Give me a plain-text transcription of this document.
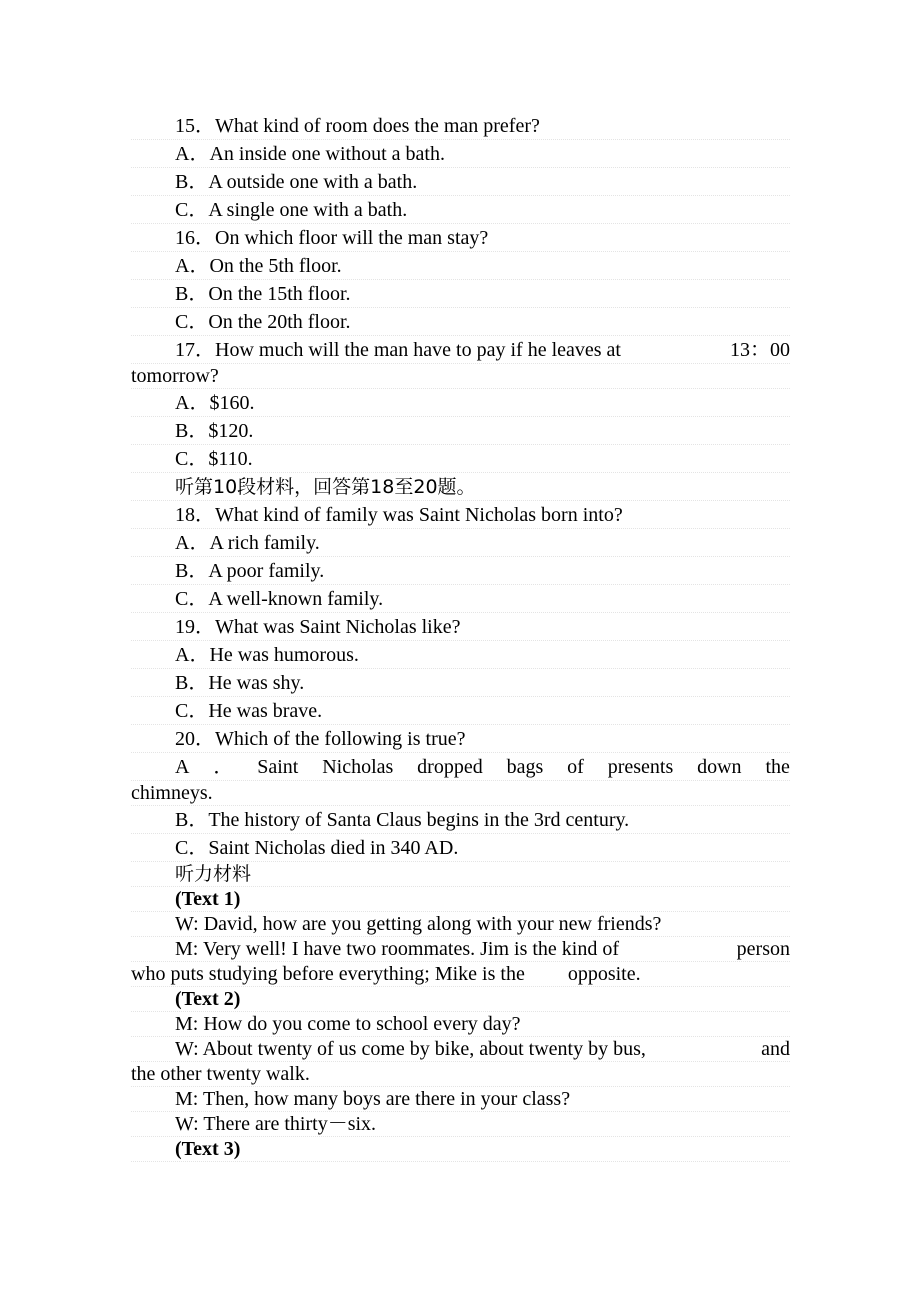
15．What kind of room does the man prefer?
A．An inside one without a bath.
B．A outside one with a bath.
C．A single one with a bath.
16．On which floor will the man stay?
A．On the 5th floor.
B．On the 15th floor.
C．On the 20th floor.
17．How much will the man have to pay if he leaves at	13：00
tomorrow?
A．$160.
B．$120.
C．$110.
听第10段材料，回答第18至20题。
18．What kind of family was Saint Nicholas born into?
A．A rich family.
B．A poor family.
C．A well-known family.
19．What was Saint Nicholas like?
A．He was humorous.
B．He was shy.
C．He was brave.
20．Which of the following is true?
A ． Saint Nicholas dropped bags of presents down the
chimneys.
B．The history of Santa Claus begins in the 3rd century.
C．Saint Nicholas died in 340 AD.
听力材料
(Text 1)
W: David, how are you getting along with your new friends?
M: Very well! I have two roommates. Jim is the kind of	person
who puts studying before everything; Mike is the opposite.
(Text 2)
M: How do you come to school every day?
W: About twenty of us come by bike, about twenty by bus,	and
the other twenty walk.
M: Then, how many boys are there in your class?
W: There are thirty－six.
(Text 3)
